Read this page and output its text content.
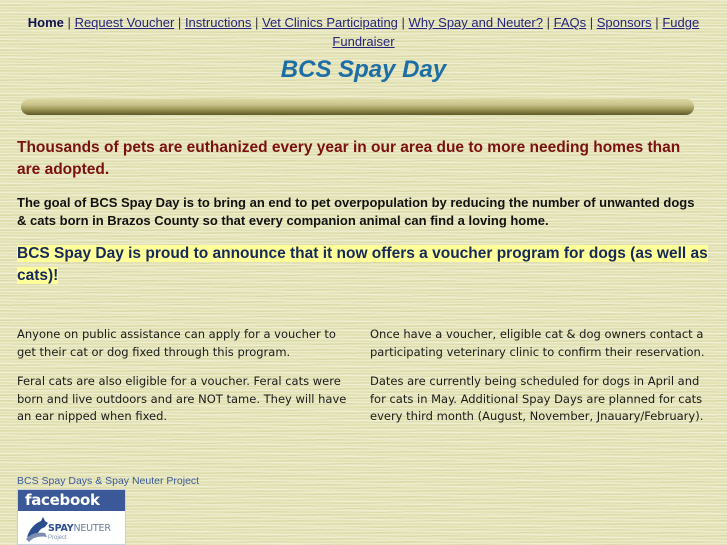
Home | Request Voucher | Instructions | Vet Clinics Participating | Why Spay and Neuter? | FAQs | Sponsors | Fudge Fundraiser
BCS Spay Day

Thousands of pets are euthanized every year in our area due to more needing homes than are adopted.

The goal of BCS Spay Day is to bring an end to pet overpopulation by reducing the number of unwanted dogs & cats born in Brazos County so that every companion animal can find a loving home.

BCS Spay Day is proud to announce that it now offers a voucher program for dogs (as well as cats)!

Anyone on public assistance can apply for a voucher to get their cat or dog fixed through this program.

Feral cats are also eligible for a voucher. Feral cats were born and live outdoors and are NOT tame. They will have an ear nipped when fixed.

Once have a voucher, eligible cat & dog owners contact a participating veterinary clinic to confirm their reservation.

Dates are currently being scheduled for dogs in April and for cats in May. Additional Spay Days are planned for cats every third month (August, November, Jnauary/February).

BCS Spay Days & Spay Neuter Project
facebook
SPAYNEUTER
Project
